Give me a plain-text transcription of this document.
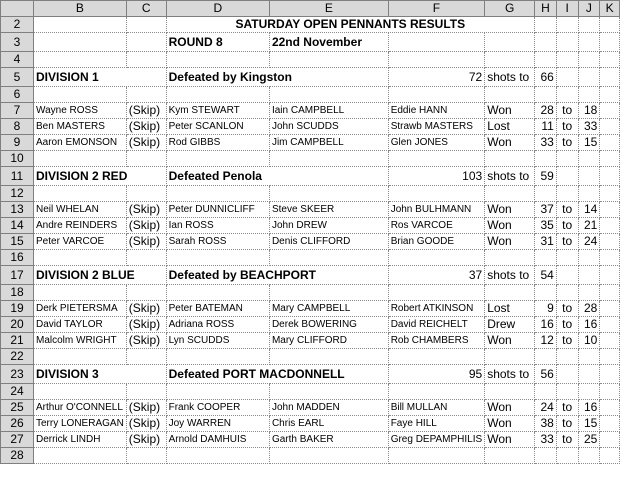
	B	C	D	E	F	G	H	I	J	K
2			SATURDAY OPEN PENNANTS RESULTS							
3			ROUND 8	22nd November						
4										
5	DIVISION 1		Defeated by Kingston		72	shots to	66			
6										
7	Wayne ROSS	(Skip)	Kym STEWART	Iain CAMPBELL	Eddie HANN	Won	28	to	18	
8	Ben MASTERS	(Skip)	Peter SCANLON	John SCUDDS	Strawb MASTERS	Lost	11	to	33	
9	Aaron EMONSON	(Skip)	Rod GIBBS	Jim CAMPBELL	Glen JONES	Won	33	to	15	
10										
11	DIVISION 2 RED		Defeated Penola		103	shots to	59			
12										
13	Neil WHELAN	(Skip)	Peter DUNNICLIFF	Steve SKEER	John BULHMANN	Won	37	to	14	
14	Andre REINDERS	(Skip)	Ian ROSS	John DREW	Ros VARCOE	Won	35	to	21	
15	Peter VARCOE	(Skip)	Sarah ROSS	Denis CLIFFORD	Brian GOODE	Won	31	to	24	
16										
17	DIVISION 2 BLUE		Defeated by BEACHPORT		37	shots to	54			
18										
19	Derk PIETERSMA	(Skip)	Peter BATEMAN	Mary CAMPBELL	Robert ATKINSON	Lost	9	to	28	
20	David TAYLOR	(Skip)	Adriana ROSS	Derek BOWERING	David REICHELT	Drew	16	to	16	
21	Malcolm WRIGHT	(Skip)	Lyn SCUDDS	Mary CLIFFORD	Rob CHAMBERS	Won	12	to	10	
22										
23	DIVISION 3		Defeated PORT MACDONNELL		95	shots to	56			
24										
25	Arthur O'CONNELL	(Skip)	Frank COOPER	John MADDEN	Bill MULLAN	Won	24	to	16	
26	Terry LONERAGAN	(Skip)	Joy WARREN	Chris EARL	Faye HILL	Won	38	to	15	
27	Derrick LINDH	(Skip)	Arnold DAMHUIS	Garth BAKER	Greg DEPAMPHILIS	Won	33	to	25	
28										
